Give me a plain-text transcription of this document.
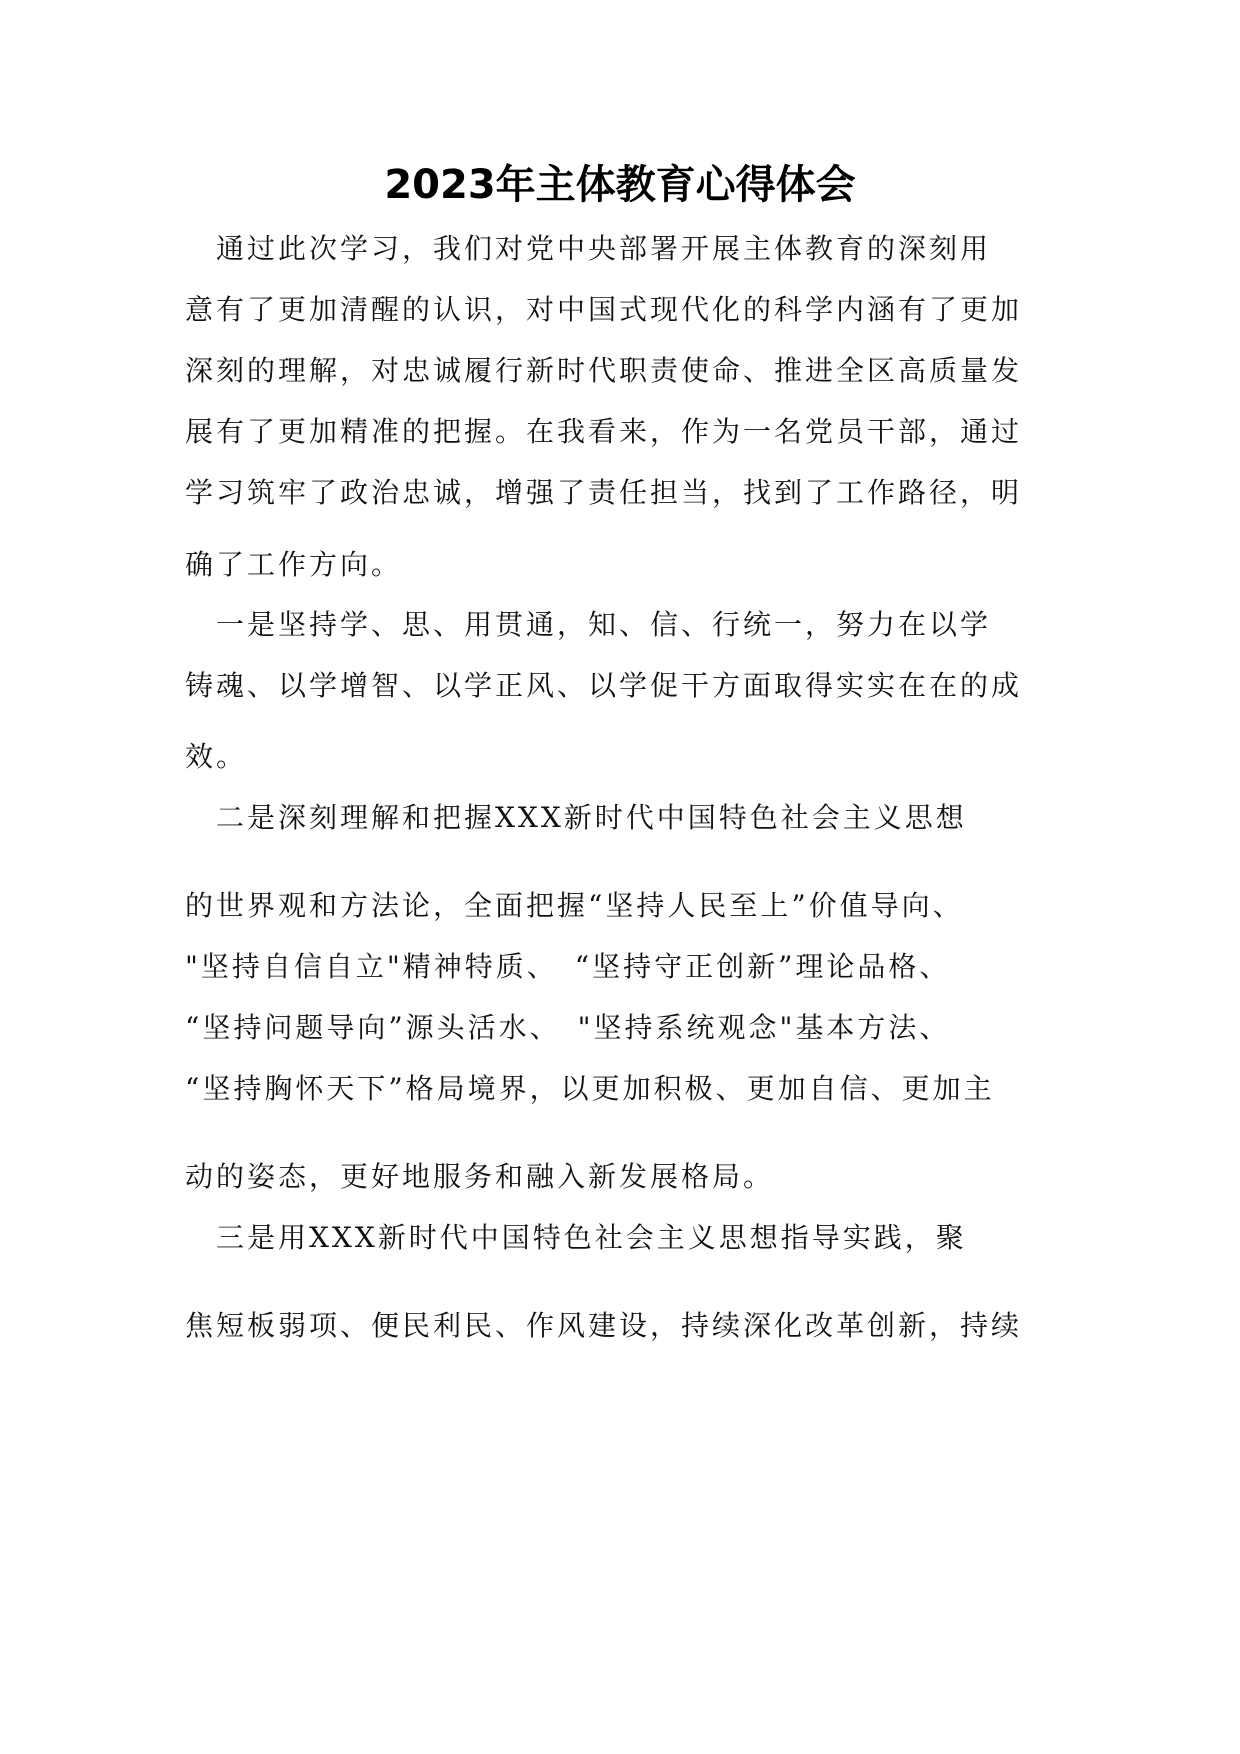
2023年主体教育心得体会
　通过此次学习，我们对党中央部署开展主体教育的深刻用
意有了更加清醒的认识，对中国式现代化的科学内涵有了更加
深刻的理解，对忠诚履行新时代职责使命、推进全区高质量发
展有了更加精准的把握。在我看来，作为一名党员干部，通过
学习筑牢了政治忠诚，增强了责任担当，找到了工作路径，明
确了工作方向。
　一是坚持学、思、用贯通，知、信、行统一，努力在以学
铸魂、以学增智、以学正风、以学促干方面取得实实在在的成
效。
　二是深刻理解和把握XXX新时代中国特色社会主义思想
的世界观和方法论，全面把握“坚持人民至上”价值导向、
"坚持自信自立"精神特质、　“坚持守正创新”理论品格、
“坚持问题导向”源头活水、　"坚持系统观念"基本方法、
“坚持胸怀天下”格局境界，以更加积极、更加自信、更加主
动的姿态，更好地服务和融入新发展格局。
　三是用XXX新时代中国特色社会主义思想指导实践，聚
焦短板弱项、便民利民、作风建设，持续深化改革创新，持续
